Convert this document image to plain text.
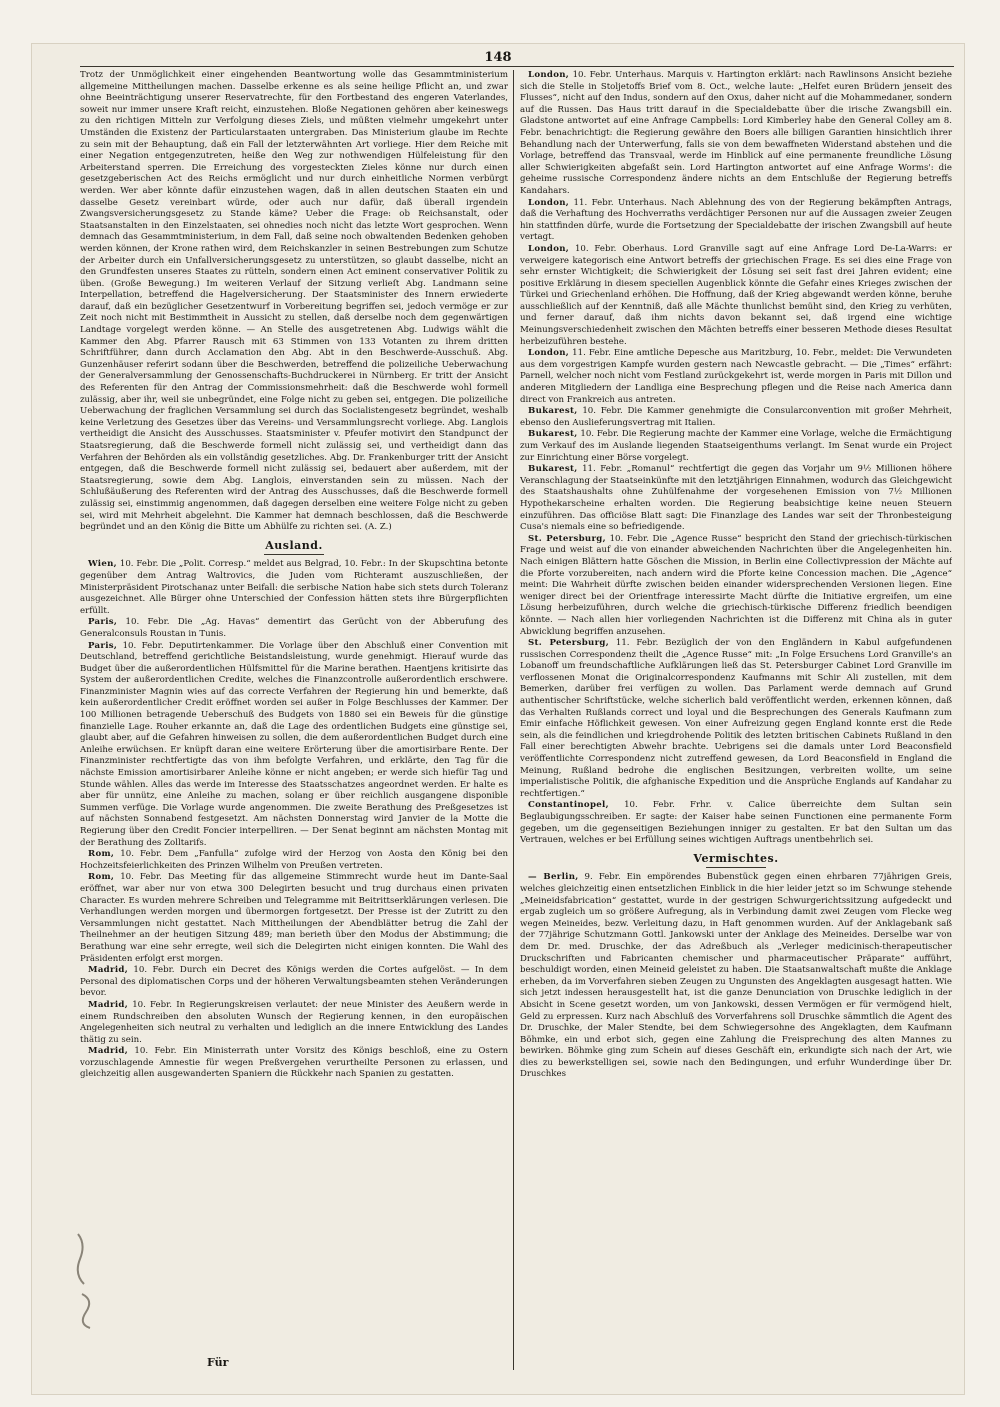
148

Trotz der Unmöglichkeit einer eingehenden Beantwortung wolle das Gesammtministerium allgemeine Mittheilungen machen. Dasselbe erkenne es als seine heilige Pflicht an, und zwar ohne Beeinträchtigung unserer Reservatrechte, für den Fortbestand des engeren Vaterlandes, soweit nur immer unsere Kraft reicht, einzustehen. Bloße Negationen gehören aber keineswegs zu den richtigen Mitteln zur Verfolgung dieses Ziels, und müßten vielmehr umgekehrt unter Umständen die Existenz der Particularstaaten untergraben. Das Ministerium glaube im Rechte zu sein mit der Behauptung, daß ein Fall der letzterwähnten Art vorliege. Hier dem Reiche mit einer Negation entgegenzutreten, heiße den Weg zur nothwendigen Hülfeleistung für den Arbeiterstand sperren. Die Erreichung des vorgesteckten Zieles könne nur durch einen gesetzgeberischen Act des Reichs ermöglicht und nur durch einheitliche Normen verbürgt werden. Wer aber könnte dafür einzustehen wagen, daß in allen deutschen Staaten ein und dasselbe Gesetz vereinbart würde, oder auch nur dafür, daß überall irgendein Zwangsversicherungsgesetz zu Stande käme? Ueber die Frage: ob Reichsanstalt, oder Staatsanstalten in den Einzelstaaten, sei ohnedies noch nicht das letzte Wort gesprochen. Wenn demnach das Gesammtministerium, in dem Fall, daß seine noch obwaltenden Bedenken gehoben werden können, der Krone rathen wird, dem Reichskanzler in seinen Bestrebungen zum Schutze der Arbeiter durch ein Unfallversicherungsgesetz zu unterstützen, so glaubt dasselbe, nicht an den Grundfesten unseres Staates zu rütteln, sondern einen Act eminent conservativer Politik zu üben. (Große Bewegung.) Im weiteren Verlauf der Sitzung verlieſt Abg. Landmann seine Interpellation, betreffend die Hagelversicherung. Der Staatsminister des Innern erwiederte darauf, daß ein bezüglicher Gesetzentwurf in Vorbereitung begriffen sei, jedoch vermöge er zur Zeit noch nicht mit Bestimmtheit in Aussicht zu stellen, daß derselbe noch dem gegenwärtigen Landtage vorgelegt werden könne. — An Stelle des ausgetretenen Abg. Ludwigs wählt die Kammer den Abg. Pfarrer Rausch mit 63 Stimmen von 133 Votanten zu ihrem dritten Schriftführer, dann durch Acclamation den Abg. Abt in den Beschwerde-Ausschuß. Abg. Gunzenhäuser referirt sodann über die Beschwerden, betreffend die polizeiliche Ueberwachung der Generalversammlung der Genossenschafts-Buchdruckerei in Nürnberg. Er tritt der Ansicht des Referenten für den Antrag der Commissionsmehrheit: daß die Beschwerde wohl formell zulässig, aber ihr, weil sie unbegründet, eine Folge nicht zu geben sei, entgegen. Die polizeiliche Ueberwachung der fraglichen Versammlung sei durch das Socialistengesetz begründet, weshalb keine Verletzung des Gesetzes über das Vereins- und Versammlungsrecht vorliege. Abg. Langlois vertheidigt die Ansicht des Ausschusses. Staatsminister v. Pfeufer motivirt den Standpunct der Staatsregierung, daß die Beschwerde formell nicht zulässig sei, und vertheidigt dann das Verfahren der Behörden als ein vollständig gesetzliches. Abg. Dr. Frankenburger tritt der Ansicht entgegen, daß die Beschwerde formell nicht zulässig sei, bedauert aber außerdem, mit der Staatsregierung, sowie dem Abg. Langlois, einverstanden sein zu müssen. Nach der Schlußäußerung des Referenten wird der Antrag des Ausschusses, daß die Beschwerde formell zulässig sei, einstimmig angenommen, daß dagegen derselben eine weitere Folge nicht zu geben sei, wird mit Mehrheit abgelehnt. Die Kammer hat demnach beschlossen, daß die Beschwerde begründet und an den König die Bitte um Abhülfe zu richten sei. (A. Z.)

Ausland.

Wien, 10. Febr. Die „Polit. Corresp.“ meldet aus Belgrad, 10. Febr.: In der Skupschtina betonte gegenüber dem Antrag Waltrovics, die Juden vom Richteramt auszuschließen, der Ministerpräsident Pirotschanaz unter Beifall: die serbische Nation habe sich stets durch Toleranz ausgezeichnet. Alle Bürger ohne Unterschied der Confession hätten stets ihre Bürgerpflichten erfüllt.

Paris, 10. Febr. Die „Ag. Havas“ dementirt das Gerücht von der Abberufung des Generalconsuls Roustan in Tunis.

Paris, 10. Febr. Deputirtenkammer. Die Vorlage über den Abschluß einer Convention mit Deutschland, betreffend gerichtliche Beistandsleistung, wurde genehmigt. Hierauf wurde das Budget über die außerordentlichen Hülfsmittel für die Marine berathen. Haentjens kritisirte das System der außerordentlichen Credite, welches die Finanzcontrolle außerordentlich erschwere. Finanzminister Magnin wies auf das correcte Verfahren der Regierung hin und bemerkte, daß kein außerordentlicher Credit eröffnet worden sei außer in Folge Beschlusses der Kammer. Der 100 Millionen betragende Ueberschuß des Budgets von 1880 sei ein Beweis für die günstige finanzielle Lage. Rouher erkannte an, daß die Lage des ordentlichen Budgets eine günstige sei, glaubt aber, auf die Gefahren hinweisen zu sollen, die dem außerordentlichen Budget durch eine Anleihe erwüchsen. Er knüpft daran eine weitere Erörterung über die amortisirbare Rente. Der Finanzminister rechtfertigte das von ihm befolgte Verfahren, und erklärte, den Tag für die nächste Emission amortisirbarer Anleihe könne er nicht angeben; er werde sich hiefür Tag und Stunde wählen. Alles das werde im Interesse des Staatsschatzes angeordnet werden. Er halte es aber für unnütz, eine Anleihe zu machen, solang er über reichlich ausgangene disponible Summen verfüge. Die Vorlage wurde angenommen. Die zweite Berathung des Preßgesetzes ist auf nächsten Sonnabend festgesetzt. Am nächsten Donnerstag wird Janvier de la Motte die Regierung über den Credit Foncier interpelliren. — Der Senat beginnt am nächsten Montag mit der Berathung des Zolltarifs.

Rom, 10. Febr. Dem „Fanfulla“ zufolge wird der Herzog von Aosta den König bei den Hochzeitsfeierlichkeiten des Prinzen Wilhelm von Preußen vertreten.

Rom, 10. Febr. Das Meeting für das allgemeine Stimmrecht wurde heut im Dante-Saal eröffnet, war aber nur von etwa 300 Delegirten besucht und trug durchaus einen privaten Character. Es wurden mehrere Schreiben und Telegramme mit Beitrittserklärungen verlesen. Die Verhandlungen werden morgen und übermorgen fortgesetzt. Der Presse ist der Zutritt zu den Versammlungen nicht gestattet. Nach Mittheilungen der Abendblätter betrug die Zahl der Theilnehmer an der heutigen Sitzung 489; man berieth über den Modus der Abstimmung; die Berathung war eine sehr erregte, weil sich die Delegirten nicht einigen konnten. Die Wahl des Präsidenten erfolgt erst morgen.

Madrid, 10. Febr. Durch ein Decret des Königs werden die Cortes aufgelöst. — In dem Personal des diplomatischen Corps und der höheren Verwaltungsbeamten stehen Veränderungen bevor.

Madrid, 10. Febr. In Regierungskreisen verlautet: der neue Minister des Aeußern werde in einem Rundschreiben den absoluten Wunsch der Regierung kennen, in den europäischen Angelegenheiten sich neutral zu verhalten und lediglich an die innere Entwicklung des Landes thätig zu sein.

Madrid, 10. Febr. Ein Ministerrath unter Vorsitz des Königs beschloß, eine zu Ostern vorzuschlagende Amnestie für wegen Preßvergehen verurtheilte Personen zu erlassen, und gleichzeitig allen ausgewanderten Spaniern die Rückkehr nach Spanien zu gestatten.

London, 10. Febr. Unterhaus. Marquis v. Hartington erklärt: nach Rawlinsons Ansicht beziehe sich die Stelle in Stoljetoffs Brief vom 8. Oct., welche laute: „Helfet euren Brüdern jenseit des Flusses“, nicht auf den Indus, sondern auf den Oxus, daher nicht auf die Mohammedaner, sondern auf die Russen. Das Haus tritt darauf in die Specialdebatte über die irische Zwangsbill ein. Gladstone antwortet auf eine Anfrage Campbells: Lord Kimberley habe den General Colley am 8. Febr. benachrichtigt: die Regierung gewähre den Boers alle billigen Garantien hinsichtlich ihrer Behandlung nach der Unterwerfung, falls sie von dem bewaffneten Widerstand abstehen und die Vorlage, betreffend das Transvaal, werde im Hinblick auf eine permanente freundliche Lösung aller Schwierigkeiten abgefaßt sein. Lord Hartington antwortet auf eine Anfrage Worms': die geheime russische Correspondenz ändere nichts an dem Entschluße der Regierung betreffs Kandahars.

London, 11. Febr. Unterhaus. Nach Ablehnung des von der Regierung bekämpften Antrags, daß die Verhaftung des Hochverraths verdächtiger Personen nur auf die Aussagen zweier Zeugen hin stattfinden dürfe, wurde die Fortsetzung der Specialdebatte der irischen Zwangsbill auf heute vertagt.

London, 10. Febr. Oberhaus. Lord Granville sagt auf eine Anfrage Lord De-La-Warrs: er verweigere kategorisch eine Antwort betreffs der griechischen Frage. Es sei dies eine Frage von sehr ernster Wichtigkeit; die Schwierigkeit der Lösung sei seit fast drei Jahren evident; eine positive Erklärung in diesem speciellen Augenblick könnte die Gefahr eines Krieges zwischen der Türkei und Griechenland erhöhen. Die Hoffnung, daß der Krieg abgewandt werden könne, beruhe ausschließlich auf der Kenntniß, daß alle Mächte thunlichst bemüht sind, den Krieg zu verhüten, und ferner darauf, daß ihm nichts davon bekannt sei, daß irgend eine wichtige Meinungsverschiedenheit zwischen den Mächten betreffs einer besseren Methode dieses Resultat herbeizuführen bestehe.

London, 11. Febr. Eine amtliche Depesche aus Maritzburg, 10. Febr., meldet: Die Verwundeten aus dem vorgestrigen Kampfe wurden gestern nach Newcastle gebracht. — Die „Times“ erfährt: Parnell, welcher noch nicht vom Festland zurückgekehrt ist, werde morgen in Paris mit Dillon und anderen Mitgliedern der Landliga eine Besprechung pflegen und die Reise nach America dann direct von Frankreich aus antreten.

Bukarest, 10. Febr. Die Kammer genehmigte die Consularconvention mit großer Mehrheit, ebenso den Auslieferungsvertrag mit Italien.

Bukarest, 10. Febr. Die Regierung machte der Kammer eine Vorlage, welche die Ermächtigung zum Verkauf des im Auslande liegenden Staatseigenthums verlangt. Im Senat wurde ein Project zur Einrichtung einer Börse vorgelegt.

Bukarest, 11. Febr. „Romanul“ rechtfertigt die gegen das Vorjahr um 9½ Millionen höhere Veranschlagung der Staatseinkünfte mit den letztjährigen Einnahmen, wodurch das Gleichgewicht des Staatshaushalts ohne Zuhülfenahme der vorgesehenen Emission von 7½ Millionen Hypothekarscheine erhalten worden. Die Regierung beabsichtige keine neuen Steuern einzuführen. Das officiöse Blatt sagt: Die Finanzlage des Landes war seit der Thronbesteigung Cusa's niemals eine so befriedigende.

St. Petersburg, 10. Febr. Die „Agence Russe“ bespricht den Stand der griechisch-türkischen Frage und weist auf die von einander abweichenden Nachrichten über die Angelegenheiten hin. Nach einigen Blättern hatte Göschen die Mission, in Berlin eine Collectivpression der Mächte auf die Pforte vorzubereiten, nach andern wird die Pforte keine Concession machen. Die „Agence“ meint: Die Wahrheit dürfte zwischen beiden einander widersprechenden Versionen liegen. Eine weniger direct bei der Orientfrage interessirte Macht dürfte die Initiative ergreifen, um eine Lösung herbeizuführen, durch welche die griechisch-türkische Differenz friedlich beendigen könnte. — Nach allen hier vorliegenden Nachrichten ist die Differenz mit China als in guter Abwicklung begriffen anzusehen.

St. Petersburg, 11. Febr. Bezüglich der von den Engländern in Kabul aufgefundenen russischen Correspondenz theilt die „Agence Russe“ mit: „In Folge Ersuchens Lord Granville's an Lobanoff um freundschaftliche Aufklärungen ließ das St. Petersburger Cabinet Lord Granville im verflossenen Monat die Originalcorrespondenz Kaufmanns mit Schir Ali zustellen, mit dem Bemerken, darüber frei verfügen zu wollen. Das Parlament werde demnach auf Grund authentischer Schriftstücke, welche sicherlich bald veröffentlicht werden, erkennen können, daß das Verhalten Rußlands correct und loyal und die Besprechungen des Generals Kaufmann zum Emir einfache Höflichkeit gewesen. Von einer Aufreizung gegen England konnte erst die Rede sein, als die feindlichen und kriegdrohende Politik des letzten britischen Cabinets Rußland in den Fall einer berechtigten Abwehr brachte. Uebrigens sei die damals unter Lord Beaconsfield veröffentlichte Correspondenz nicht zutreffend gewesen, da Lord Beaconsfield in England die Meinung, Rußland bedrohe die englischen Besitzungen, verbreiten wollte, um seine imperialistische Politik, die afghanische Expedition und die Ansprüche Englands auf Kandahar zu rechtfertigen.“

Constantinopel, 10. Febr. Frhr. v. Calice überreichte dem Sultan sein Beglaubigungsschreiben. Er sagte: der Kaiser habe seinen Functionen eine permanente Form gegeben, um die gegenseitigen Beziehungen inniger zu gestalten. Er bat den Sultan um das Vertrauen, welches er bei Erfüllung seines wichtigen Auftrags unentbehrlich sei.

Vermischtes.

— Berlin, 9. Febr. Ein empörendes Bubenstück gegen einen ehrbaren 77jährigen Greis, welches gleichzeitig einen entsetzlichen Einblick in die hier leider jetzt so im Schwunge stehende „Meineidsfabrication“ gestattet, wurde in der gestrigen Schwurgerichtssitzung aufgedeckt und ergab zugleich um so größere Aufregung, als in Verbindung damit zwei Zeugen vom Flecke weg wegen Meineides, bezw. Verleitung dazu, in Haft genommen wurden. Auf der Anklagebank saß der 77jährige Schutzmann Gottl. Jankowski unter der Anklage des Meineides. Derselbe war von dem Dr. med. Druschke, der das Adreßbuch als „Verleger medicinisch-therapeutischer Druckschriften und Fabricanten chemischer und pharmaceutischer Präparate“ aufführt, beschuldigt worden, einen Meineid geleistet zu haben. Die Staatsanwaltschaft mußte die Anklage erheben, da im Vorverfahren sieben Zeugen zu Ungunsten des Angeklagten ausgesagt hatten. Wie sich jetzt indessen herausgestellt hat, ist die ganze Denunciation von Druschke lediglich in der Absicht in Scene gesetzt worden, um von Jankowski, dessen Vermögen er für vermögend hielt, Geld zu erpressen. Kurz nach Abschluß des Vorverfahrens soll Druschke sämmtlich die Agent des Dr. Druschke, der Maler Stendte, bei dem Schwiegersohne des Angeklagten, dem Kaufmann Böhmke, ein und erbot sich, gegen eine Zahlung die Freisprechung des alten Mannes zu bewirken. Böhmke ging zum Schein auf dieses Geschäft ein, erkundigte sich nach der Art, wie dies zu bewerkstelligen sei, sowie nach den Bedingungen, und erfuhr Wunderdinge über Dr. Druschkes

Für
